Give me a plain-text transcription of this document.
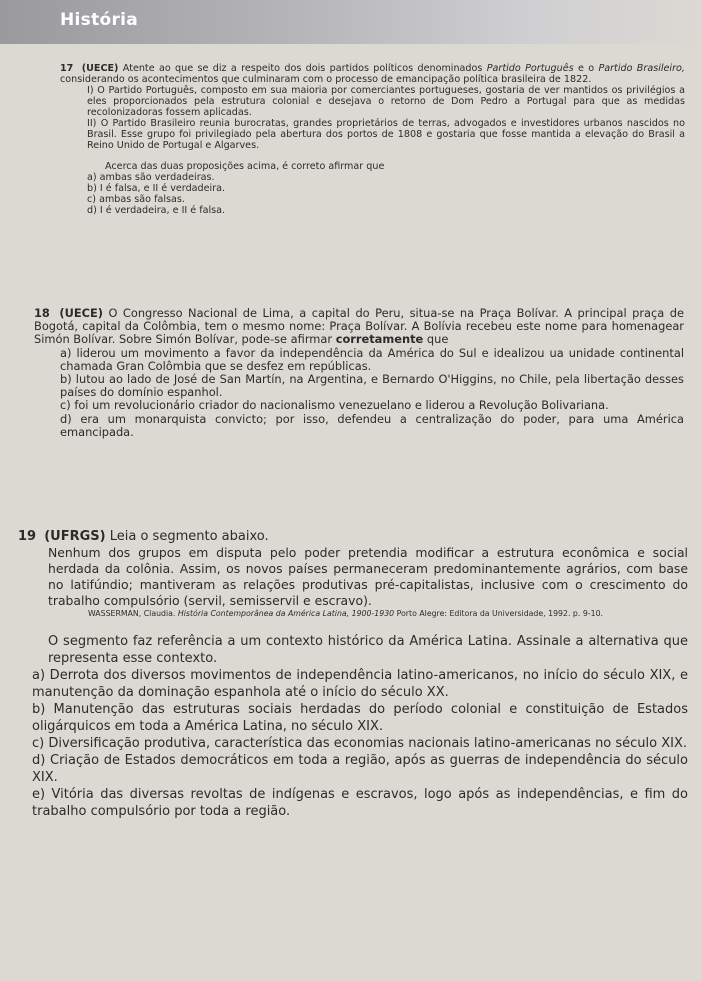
História

17 (UECE) Atente ao que se diz a respeito dos dois partidos políticos denominados Partido Português e o Partido Brasileiro, considerando os acontecimentos que culminaram com o processo de emancipação política brasileira de 1822.

I) O Partido Português, composto em sua maioria por comerciantes portugueses, gostaria de ver mantidos os privilégios a eles proporcionados pela estrutura colonial e desejava o retorno de Dom Pedro a Portugal para que as medidas recolonizadoras fossem aplicadas.

II) O Partido Brasileiro reunia burocratas, grandes proprietários de terras, advogados e investidores urbanos nascidos no Brasil. Esse grupo foi privilegiado pela abertura dos portos de 1808 e gostaria que fosse mantida a elevação do Brasil a Reino Unido de Portugal e Algarves.

Acerca das duas proposições acima, é correto afirmar que

a) ambas são verdadeiras.

b) I é falsa, e II é verdadeira.

c) ambas são falsas.

d) I é verdadeira, e II é falsa.

18 (UECE) O Congresso Nacional de Lima, a capital do Peru, situa-se na Praça Bolívar. A principal praça de Bogotá, capital da Colômbia, tem o mesmo nome: Praça Bolívar. A Bolívia recebeu este nome para homenagear Simón Bolívar. Sobre Simón Bolívar, pode-se afirmar corretamente que

a) liderou um movimento a favor da independência da América do Sul e idealizou ua unidade continental chamada Gran Colômbia que se desfez em repúblicas.

b) lutou ao lado de José de San Martín, na Argentina, e Bernardo O'Higgins, no Chile, pela libertação desses países do domínio espanhol.

c) foi um revolucionário criador do nacionalismo venezuelano e liderou a Revolução Bolivariana.

d) era um monarquista convicto; por isso, defendeu a centralização do poder, para uma América emancipada.

19 (UFRGS) Leia o segmento abaixo.

Nenhum dos grupos em disputa pelo poder pretendia modificar a estrutura econômica e social herdada da colônia. Assim, os novos países permaneceram predominantemente agrários, com base no latifúndio; mantiveram as relações produtivas pré-capitalistas, inclusive com o crescimento do trabalho compulsório (servil, semisservil e escravo).

WASSERMAN, Claudia. História Contemporânea da América Latina, 1900-1930 Porto Alegre: Editora da Universidade, 1992. p. 9-10.

O segmento faz referência a um contexto histórico da América Latina. Assinale a alternativa que representa esse contexto.

a) Derrota dos diversos movimentos de independência latino-americanos, no início do século XIX, e manutenção da dominação espanhola até o início do século XX.

b) Manutenção das estruturas sociais herdadas do período colonial e constituição de Estados oligárquicos em toda a América Latina, no século XIX.

c) Diversificação produtiva, característica das economias nacionais latino-americanas no século XIX.

d) Criação de Estados democráticos em toda a região, após as guerras de independência do século XIX.

e) Vitória das diversas revoltas de indígenas e escravos, logo após as independências, e fim do trabalho compulsório por toda a região.
